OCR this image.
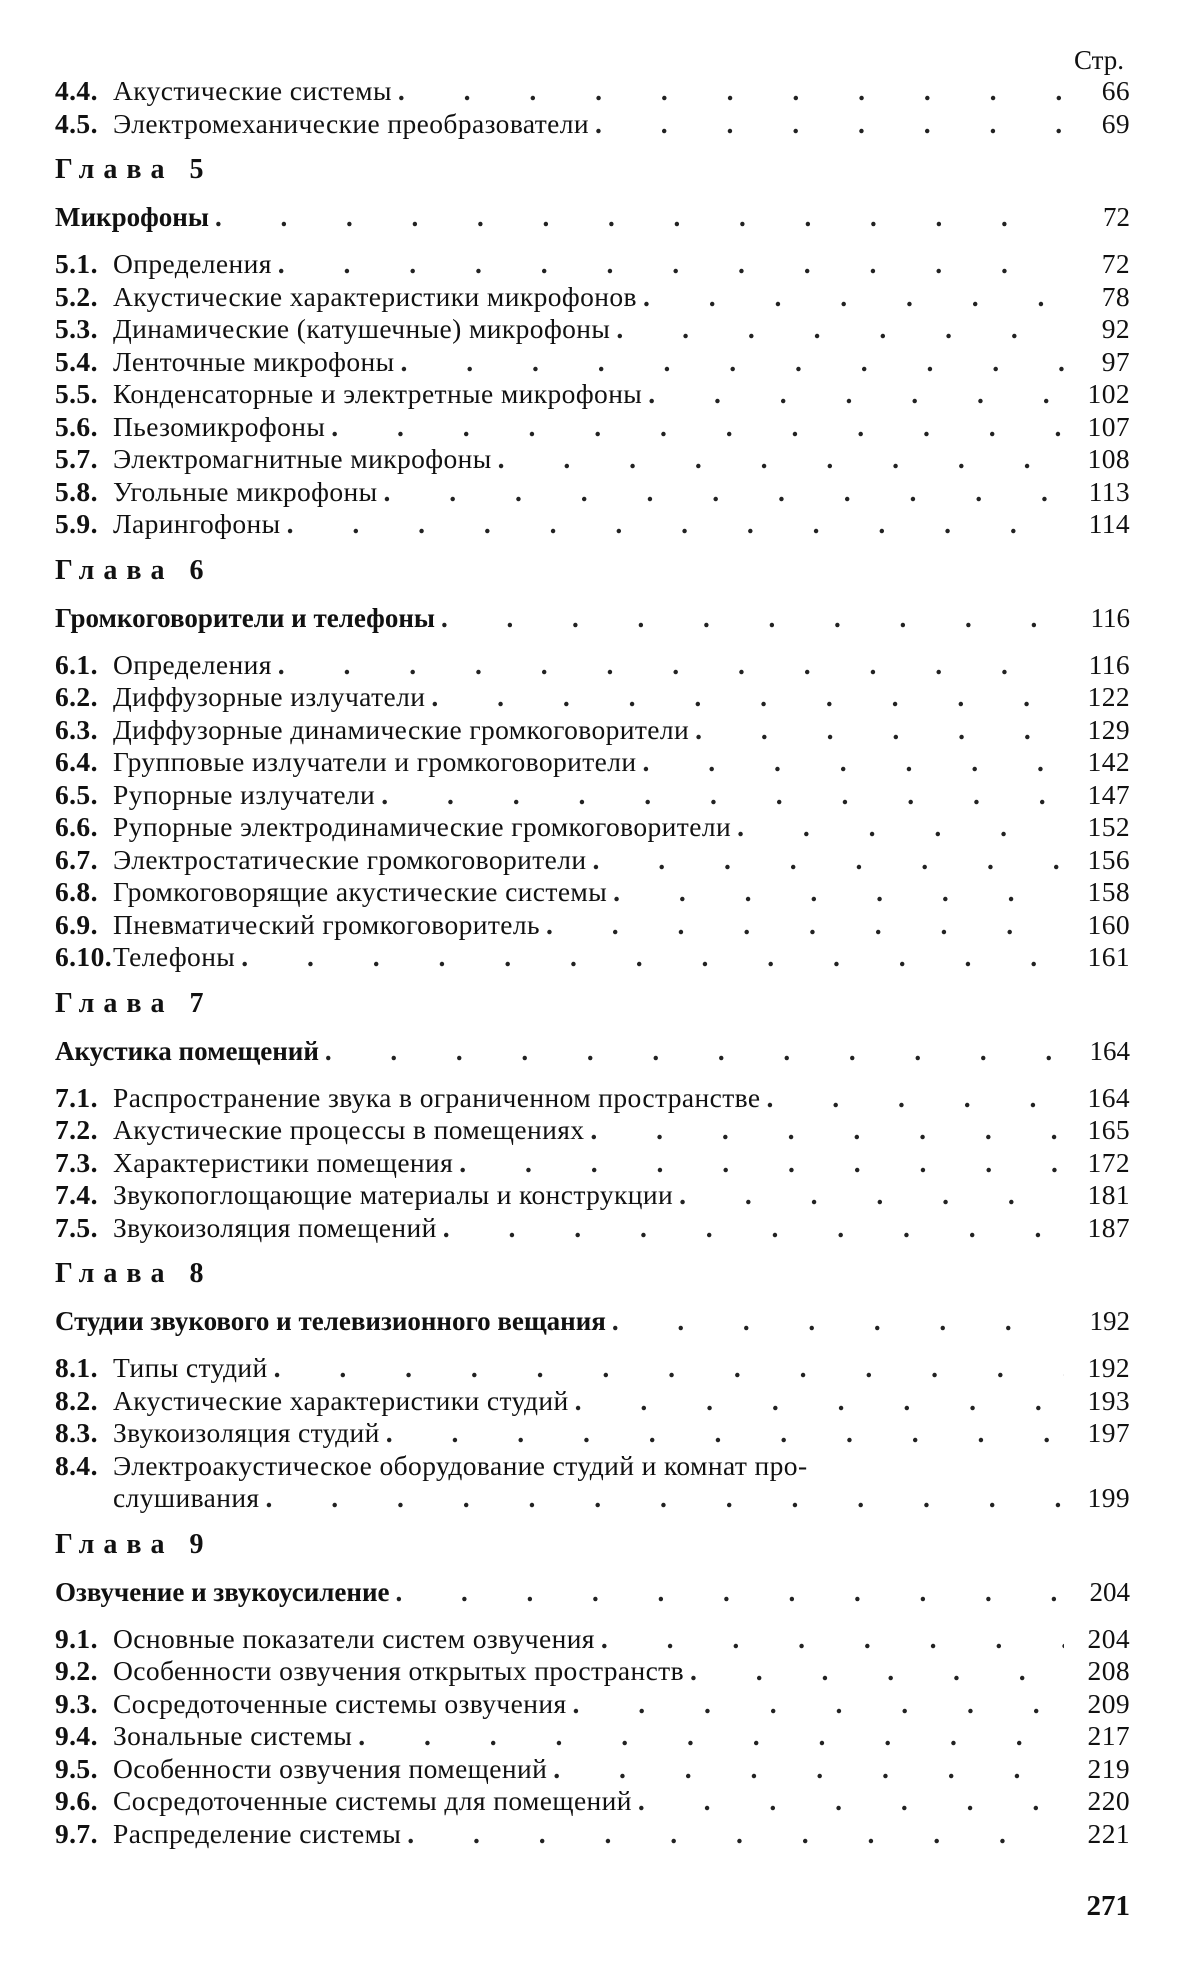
Стр.
4.4. Акустические системы . . .	66
4.5. Электромеханические преобразователи . . .	69
Глава 5
Микрофоны . . .	72
5.1. Определения . . .	72
5.2. Акустические характеристики микрофонов . . .	78
5.3. Динамические (катушечные) микрофоны . . .	92
5.4. Ленточные микрофоны . . .	97
5.5. Конденсаторные и электретные микрофоны . . .	102
5.6. Пьезомикрофоны . . .	107
5.7. Электромагнитные микрофоны . . .	108
5.8. Угольные микрофоны . . .	113
5.9. Ларингофоны . . .	114
Глава 6
Громкоговорители и телефоны . . .	116
6.1. Определения . . .	116
6.2. Диффузорные излучатели . . .	122
6.3. Диффузорные динамические громкоговорители . . .	129
6.4. Групповые излучатели и громкоговорители . . .	142
6.5. Рупорные излучатели . . .	147
6.6. Рупорные электродинамические громкоговорители . . .	152
6.7. Электростатические громкоговорители . . .	156
6.8. Громкоговорящие акустические системы . . .	158
6.9. Пневматический громкоговоритель . . .	160
6.10. Телефоны . . .	161
Глава 7
Акустика помещений . . .	164
7.1. Распространение звука в ограниченном пространстве . . .	164
7.2. Акустические процессы в помещениях . . .	165
7.3. Характеристики помещения . . .	172
7.4. Звукопоглощающие материалы и конструкции . . .	181
7.5. Звукоизоляция помещений . . .	187
Глава 8
Студии звукового и телевизионного вещания . . .	192
8.1. Типы студий . . .	192
8.2. Акустические характеристики студий . . .	193
8.3. Звукоизоляция студий . . .	197
8.4. Электроакустическое оборудование студий и комнат про-
слушивания . . .	199
Глава 9
Озвучение и звукоусиление . . .	204
9.1. Основные показатели систем озвучения . . .	204
9.2. Особенности озвучения открытых пространств . . .	208
9.3. Сосредоточенные системы озвучения . . .	209
9.4. Зональные системы . . .	217
9.5. Особенности озвучения помещений . . .	219
9.6. Сосредоточенные системы для помещений . . .	220
9.7. Распределение системы . . .	221
271
